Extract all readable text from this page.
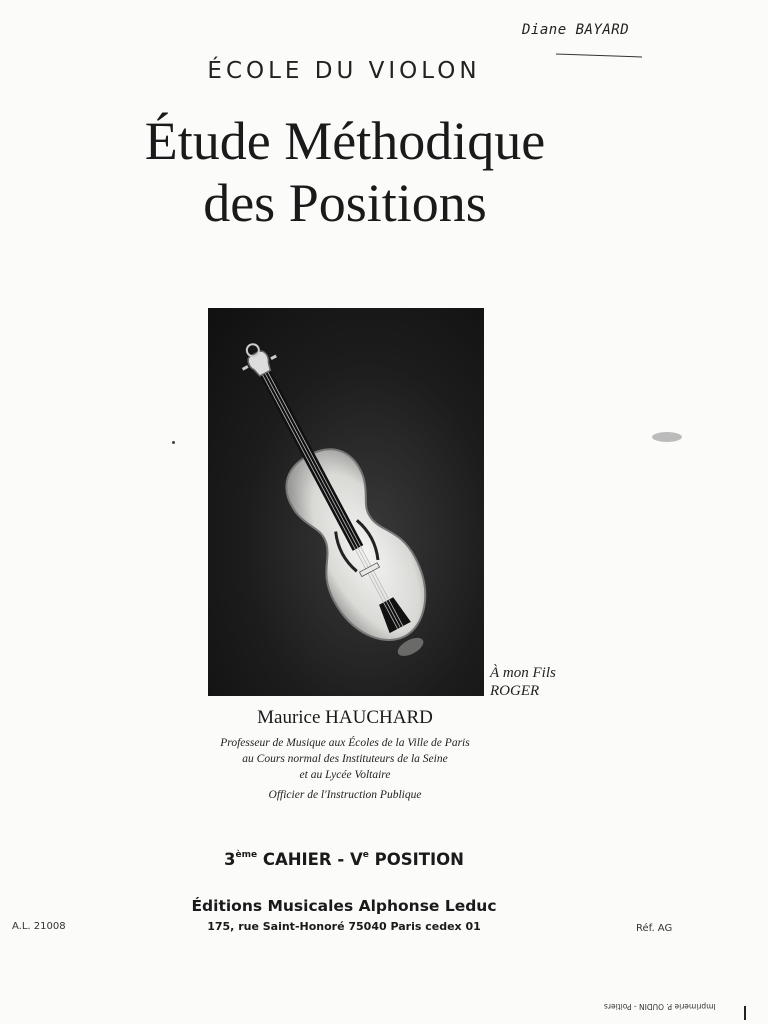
Diane BAYARD
ÉCOLE DU VIOLON
Étude Méthodique
des Positions
À mon Fils
ROGER
Maurice HAUCHARD
Professeur de Musique aux Écoles de la Ville de Paris
au Cours normal des Instituteurs de la Seine
et au Lycée Voltaire
Officier de l'Instruction Publique
3ème CAHIER - Ve POSITION
Éditions Musicales Alphonse Leduc
175, rue Saint-Honoré 75040 Paris cedex 01
A.L. 21008	Réf. AG
Imprimerie P. OUDIN - Poitiers
